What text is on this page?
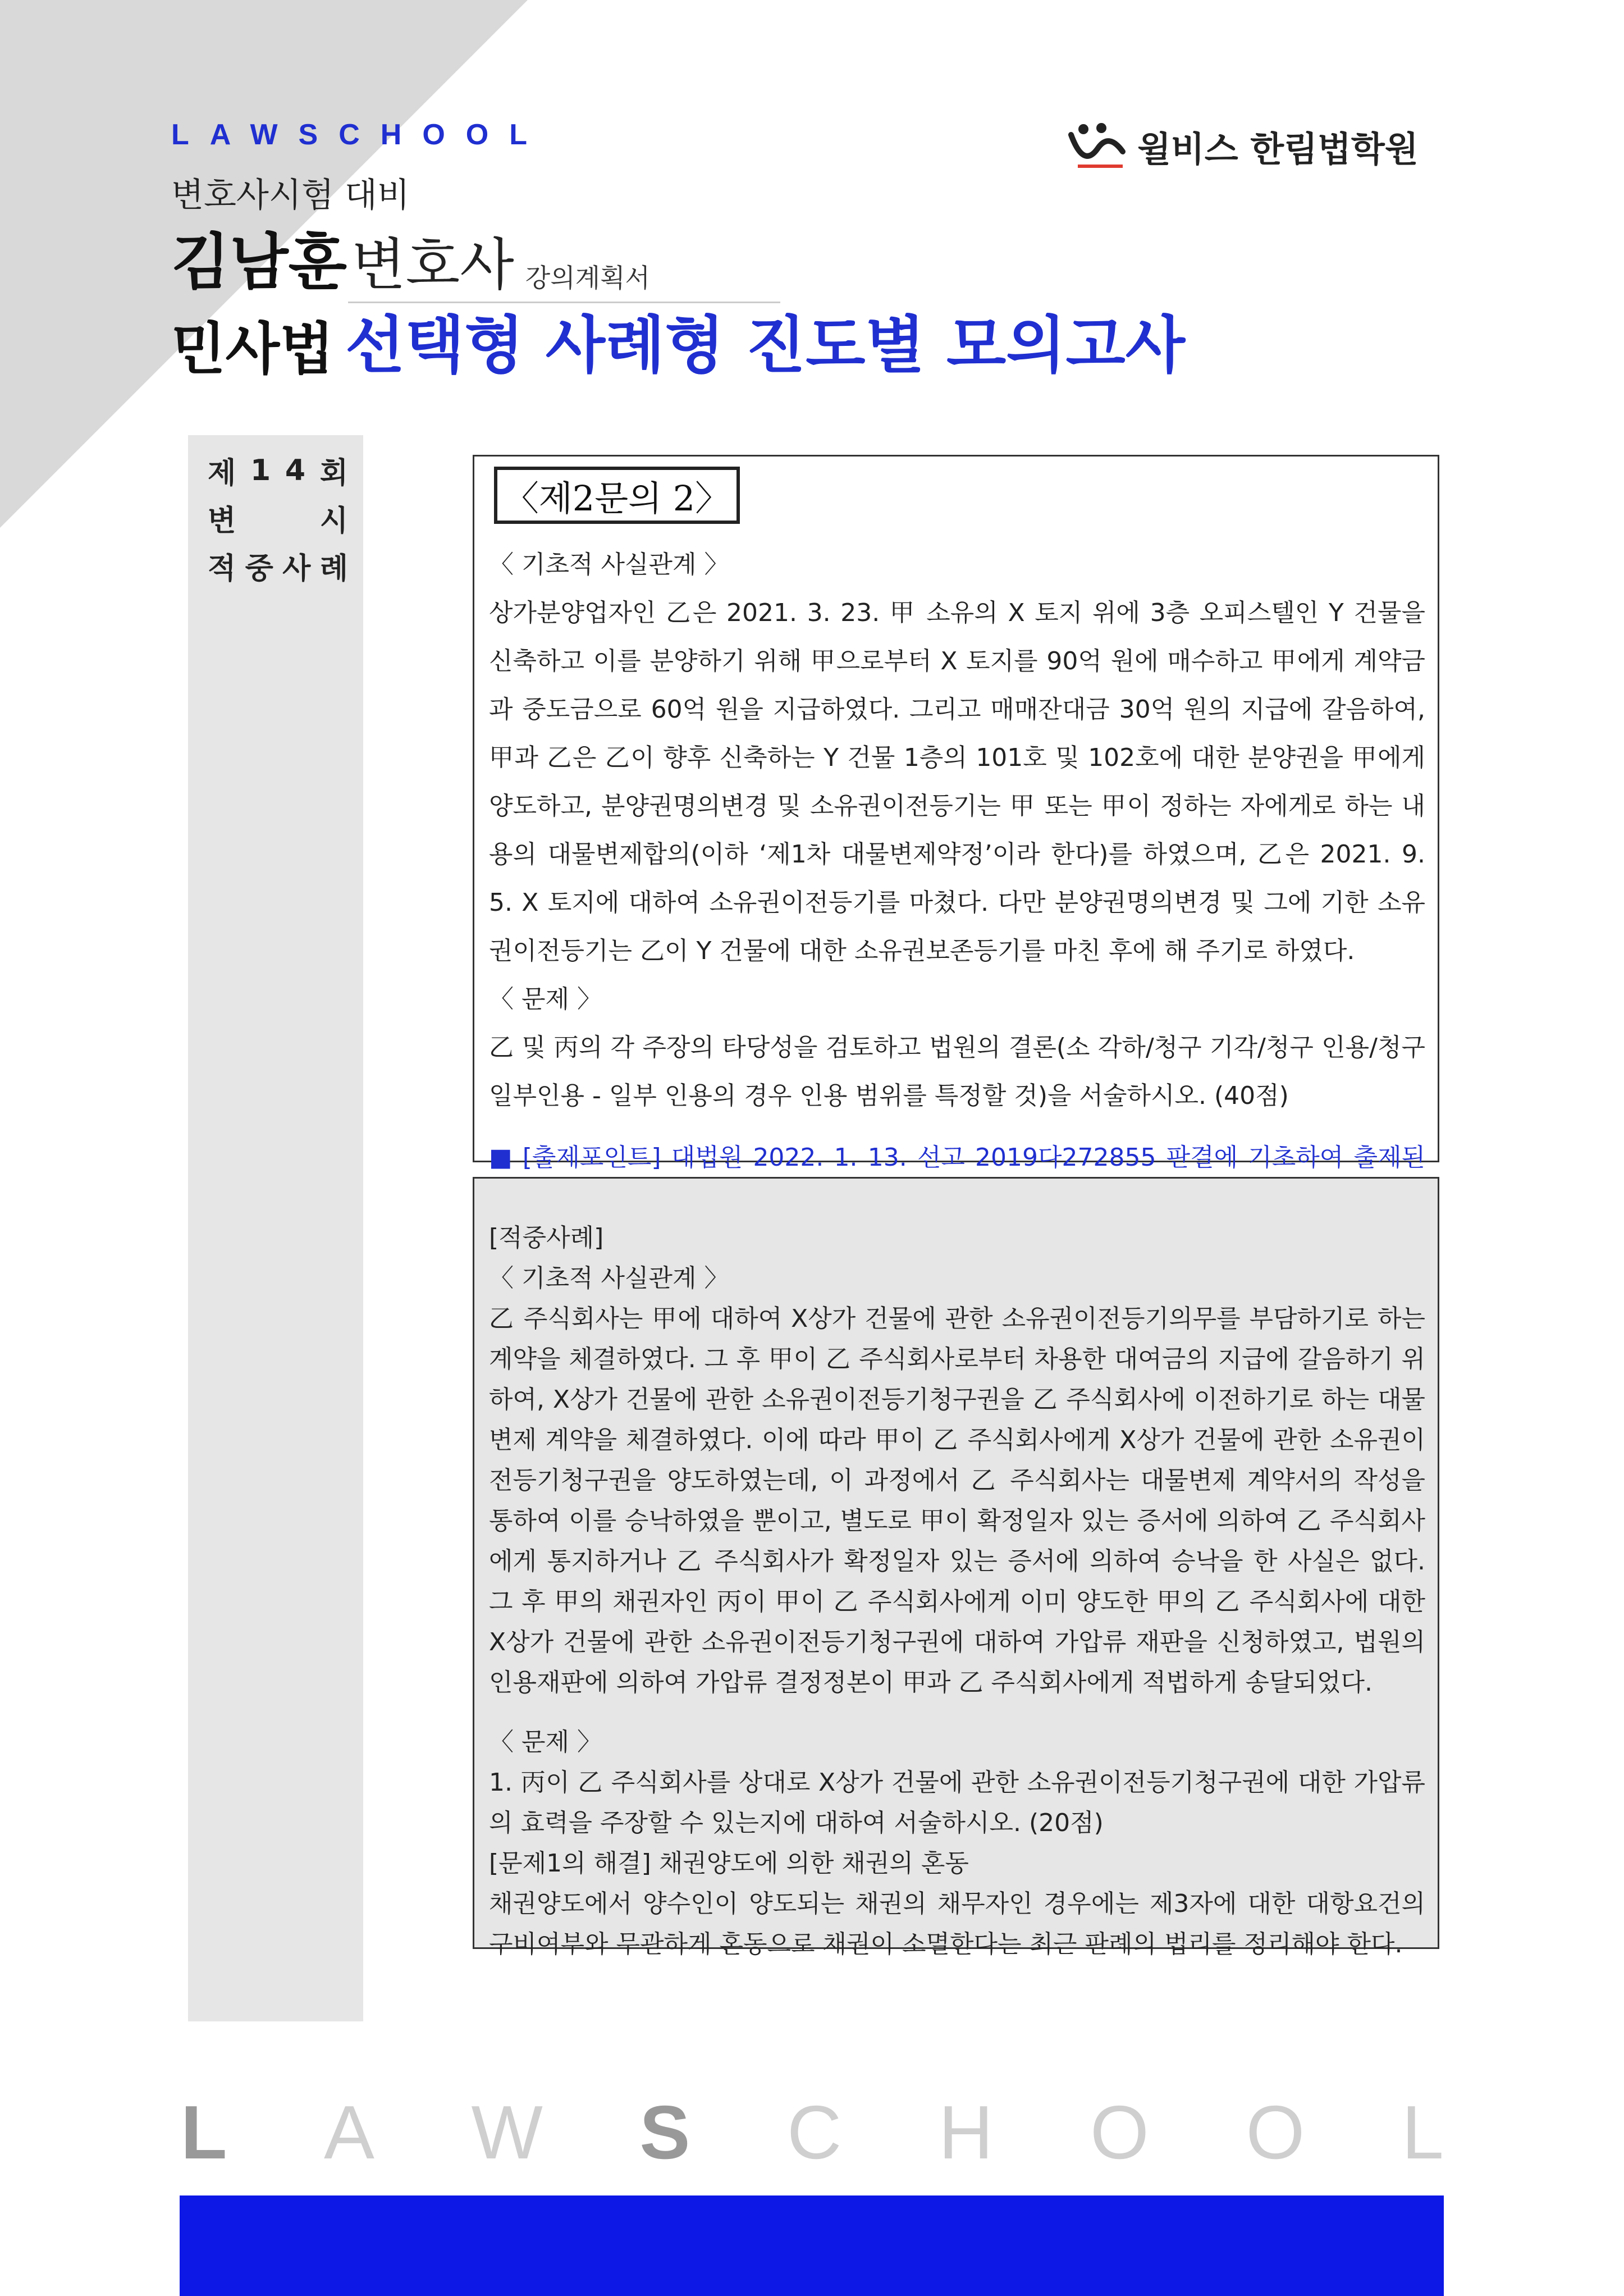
LAWSCHOOL	윌비스 한림법학원

변호사시험 대비

김남훈 변호사 강의계획서
민사법 선택형 사례형 진도별 모의고사
제 1 4 회
변	시
적 중 사 례
〈제2문의 2〉

〈 기초적 사실관계 〉

상가분양업자인 乙은 2021. 3. 23. 甲 소유의 X 토지 위에 3층 오피스텔인 Y 건물을 신축하고 이를 분양하기 위해 甲으로부터 X 토지를 90억 원에 매수하고 甲에게 계약금과 중도금으로 60억 원을 지급하였다. 그리고 매매잔대금 30억 원의 지급에 갈음하여, 甲과 乙은 乙이 향후 신축하는 Y 건물 1층의 101호 및 102호에 대한 분양권을 甲에게 양도하고, 분양권명의변경 및 소유권이전등기는 甲 또는 甲이 정하는 자에게로 하는 내용의 대물변제합의(이하 ‘제1차 대물변제약정’이라 한다)를 하였으며, 乙은 2021. 9. 5. X 토지에 대하여 소유권이전등기를 마쳤다. 다만 분양권명의변경 및 그에 기한 소유권이전등기는 乙이 Y 건물에 대한 소유권보존등기를 마친 후에 해 주기로 하였다.

〈 문제 〉

乙 및 丙의 각 주장의 타당성을 검토하고 법원의 결론(소 각하/청구 기각/청구 인용/청구 일부인용 - 일부 인용의 경우 인용 범위를 특정할 것)을 서술하시오. (40점)

■ [출제포인트] 대법원 2022. 1. 13. 선고 2019다272855 판결에 기초하여 출제된

[적중사례]

〈 기초적 사실관계 〉

乙 주식회사는 甲에 대하여 X상가 건물에 관한 소유권이전등기의무를 부담하기로 하는 계약을 체결하였다. 그 후 甲이 乙 주식회사로부터 차용한 대여금의 지급에 갈음하기 위하여, X상가 건물에 관한 소유권이전등기청구권을 乙 주식회사에 이전하기로 하는 대물변제 계약을 체결하였다. 이에 따라 甲이 乙 주식회사에게 X상가 건물에 관한 소유권이전등기청구권을 양도하였는데, 이 과정에서 乙 주식회사는 대물변제 계약서의 작성을 통하여 이를 승낙하였을 뿐이고, 별도로 甲이 확정일자 있는 증서에 의하여 乙 주식회사에게 통지하거나 乙 주식회사가 확정일자 있는 증서에 의하여 승낙을 한 사실은 없다. 그 후 甲의 채권자인 丙이 甲이 乙 주식회사에게 이미 양도한 甲의 乙 주식회사에 대한 X상가 건물에 관한 소유권이전등기청구권에 대하여 가압류 재판을 신청하였고, 법원의 인용재판에 의하여 가압류 결정정본이 甲과 乙 주식회사에게 적법하게 송달되었다.

〈 문제 〉

1. 丙이 乙 주식회사를 상대로 X상가 건물에 관한 소유권이전등기청구권에 대한 가압류의 효력을 주장할 수 있는지에 대하여 서술하시오. (20점)

[문제1의 해결] 채권양도에 의한 채권의 혼동

채권양도에서 양수인이 양도되는 채권의 채무자인 경우에는 제3자에 대한 대항요건의 구비여부와 무관하게 혼동으로 채권이 소멸한다는 최근 판례의 법리를 정리해야 한다.

L A W S C H O O L
